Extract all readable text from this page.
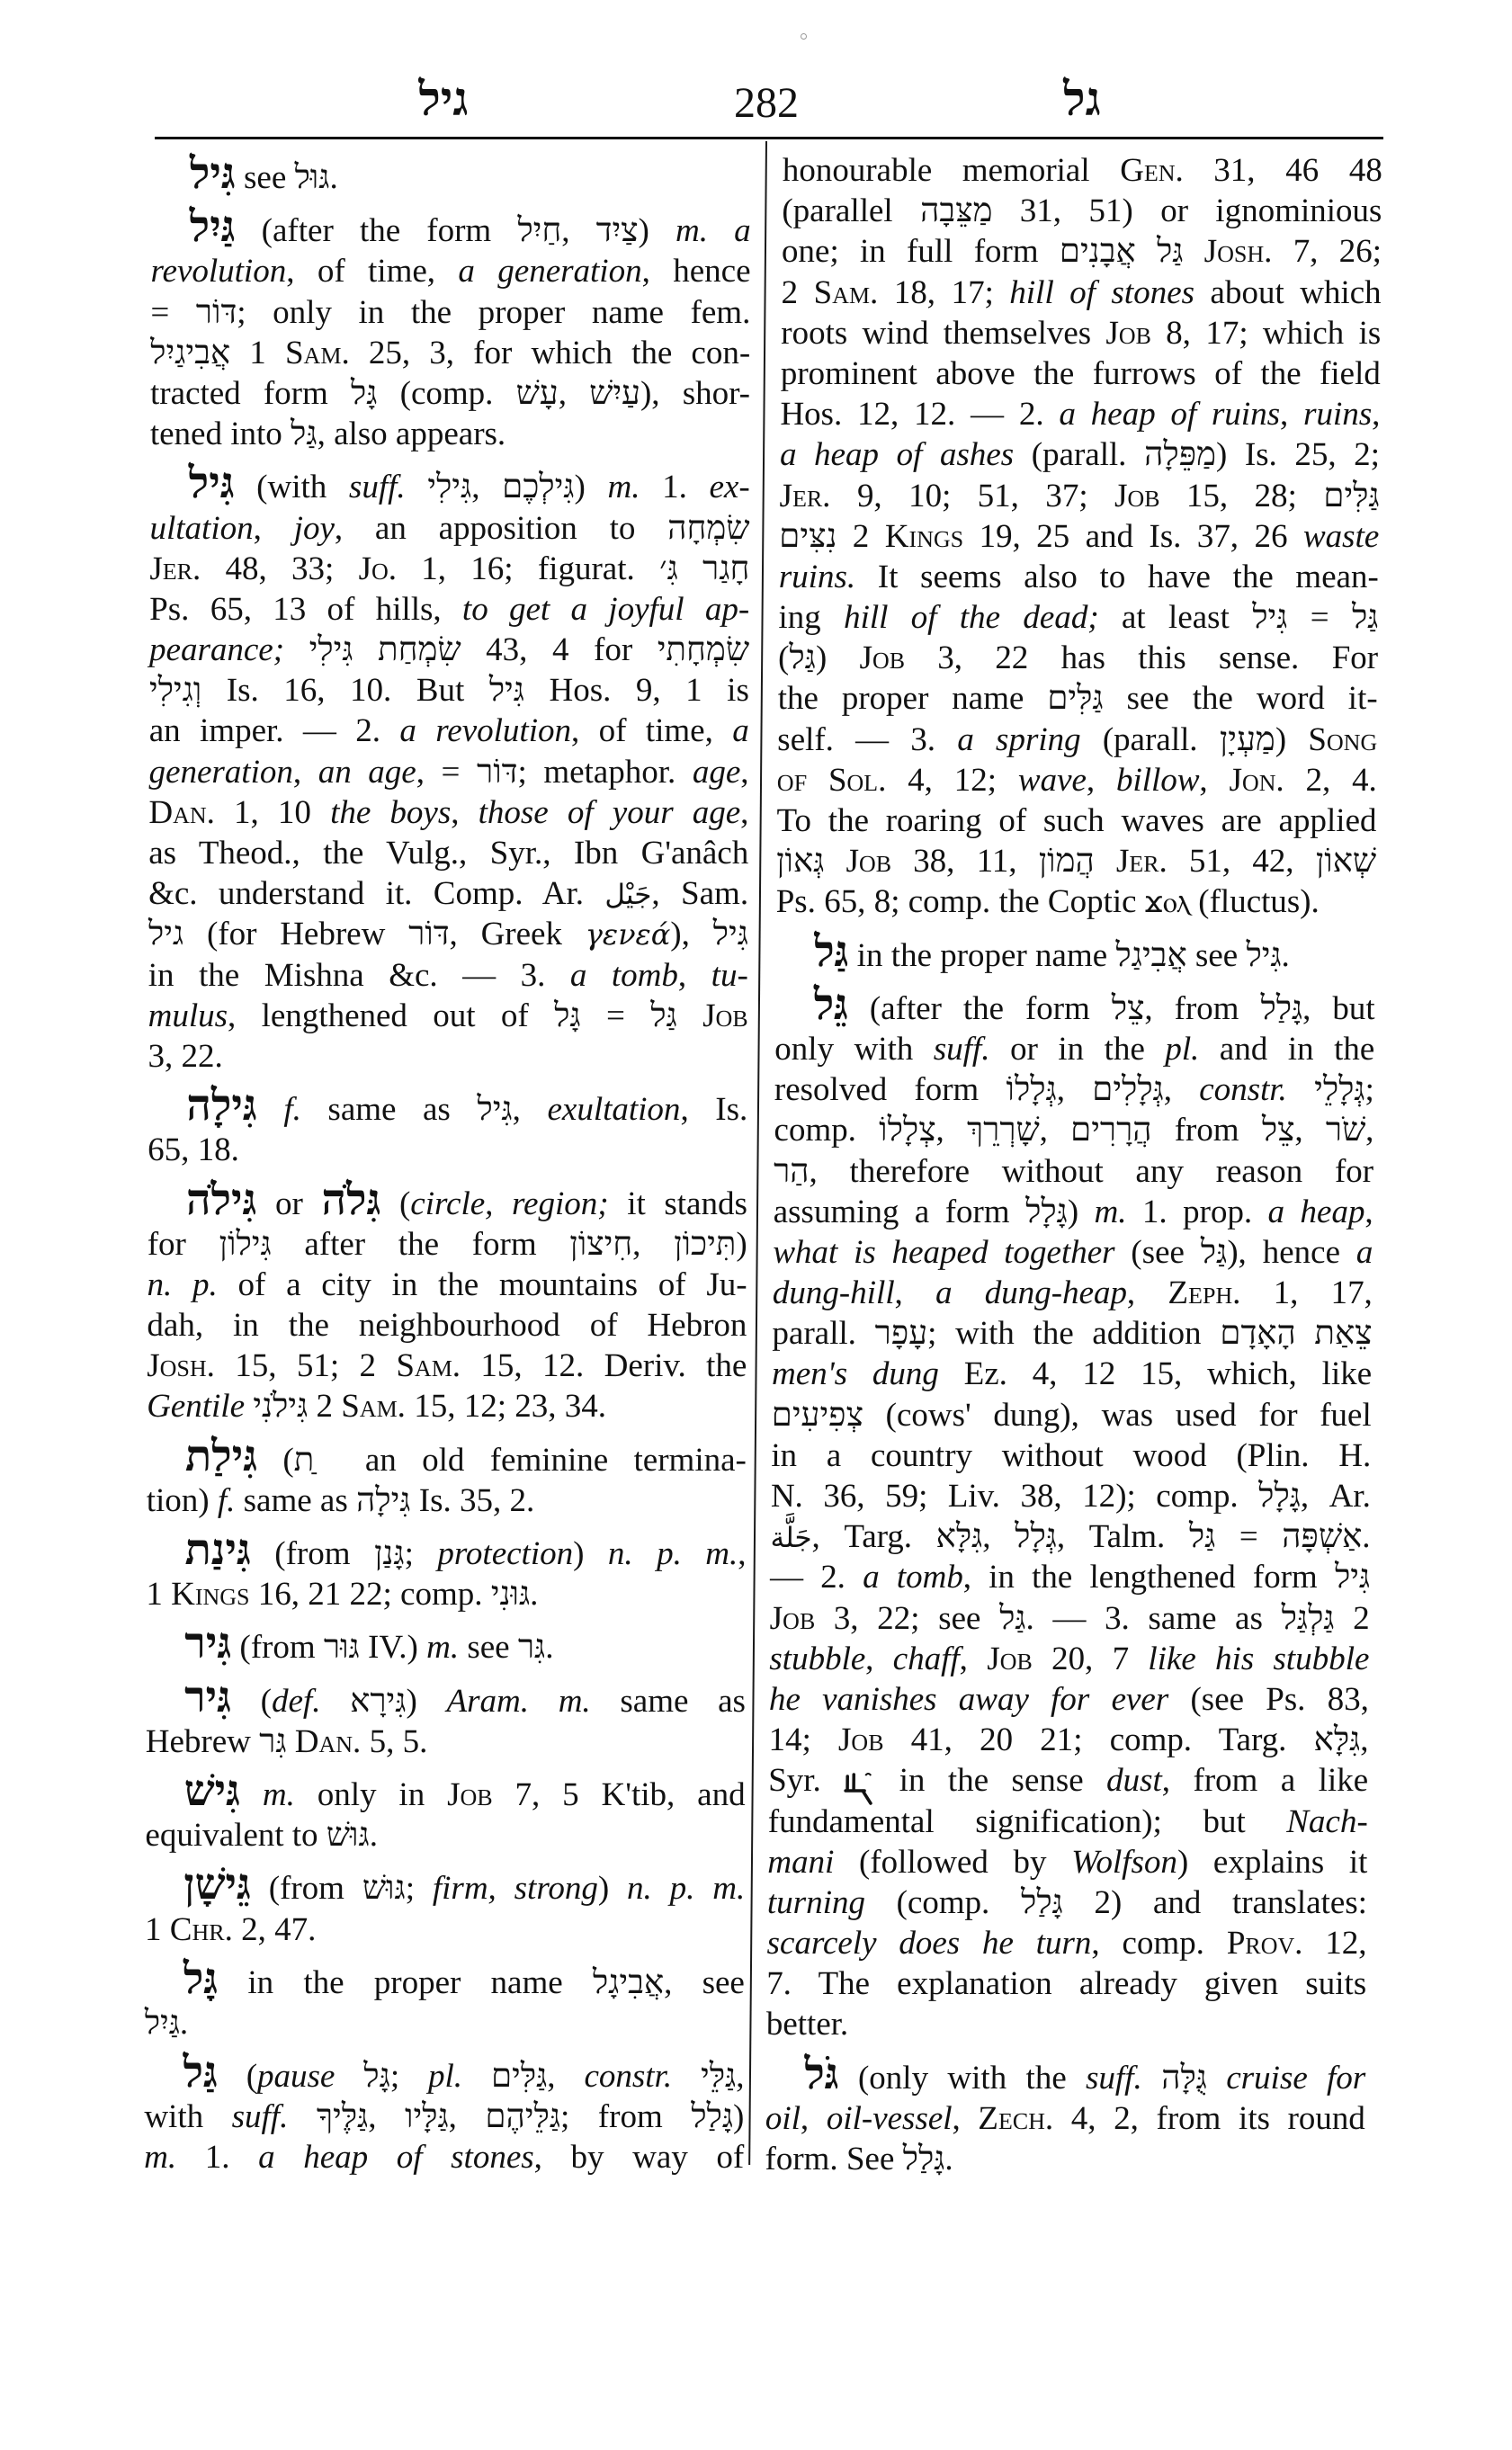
גיל	282	גל
גִּיל see גּוּל.
גַּיִל (after the form חַיִל, צַיִד) m. a
revolution, of time, a generation, hence
= דּוֹר; only in the proper name fem.
אֲבִיגַיִל 1 Sam. 25, 3, for which the con-
tracted form גָּל (comp. עָשׁ, עַיִשׁ), shor-
tened into גַּל, also appears.
גִּיל (with suff. גִּילִי, גִּילְכֶם) m. 1. ex-
ultation, joy, an apposition to שִׂמְחָה
Jer. 48, 33; Jo. 1, 16; figurat. חָגַר גִּ׳
Ps. 65, 13 of hills, to get a joyful ap-
pearance; שִׂמְחַת גִּילִי 43, 4 for שִׂמְחָתִי
וְגִילִי Is. 16, 10. But גִּיל Hos. 9, 1 is
an imper. — 2. a revolution, of time, a
generation, an age, = דּוֹר; metaphor. age,
Dan. 1, 10 the boys, those of your age,
as Theod., the Vulg., Syr., Ibn G'anâch
&c. understand it. Comp. Ar. جَيْل, Sam.
גיל (for Hebrew דּוֹר, Greek γενεά), גִּיל
in the Mishna &c. — 3. a tomb, tu-
mulus, lengthened out of גָּל = גַּל Job
3, 22.
גִּילָה f. same as גִּיל, exultation, Is.
65, 18.
גִּילֹה or גִּלֹה (circle, region; it stands
for גִּילוֹן after the form חִיצוֹן, תִּיכוֹן)
n. p. of a city in the mountains of Ju-
dah, in the neighbourhood of Hebron
Josh. 15, 51; 2 Sam. 15, 12. Deriv. the
Gentile גִּילֹנִי 2 Sam. 15, 12; 23, 34.
גִּילַת ( ַת an old feminine termina-
tion) f. same as גִּילָה Is. 35, 2.
גִּינַת (from גָּנַן; protection) n. p. m.,
1 Kings 16, 21 22; comp. גּוּנִי.
גִּיר (from גּוּר IV.) m. see גִּר.
גִּיר (def. גִּירָא) Aram. m. same as
Hebrew גִּר Dan. 5, 5.
גִּישׁ m. only in Job 7, 5 K'tib, and
equivalent to גּוּשׁ.
גֵּישָׁן (from גּוּשׁ; firm, strong) n. p. m.
1 Chr. 2, 47.
גָּל in the proper name אֲבִיגָל, see
גַּיִל.
גַּל (pause גָּל; pl. גַּלִּים, constr. גַּלֵּי,
with suff. גַּלֶּיךָ, גַּלָּיו, גַּלֵּיהֶם; from גָּלַל)
m. 1. a heap of stones, by way of
honourable memorial Gen. 31, 46 48
(parallel מַצֵּבָה 31, 51) or ignominious
one; in full form גַּל אֲבָנִים Josh. 7, 26;
2 Sam. 18, 17; hill of stones about which
roots wind themselves Job 8, 17; which is
prominent above the furrows of the field
Hos. 12, 12. — 2. a heap of ruins, ruins,
a heap of ashes (parall. מַפֵּלָה) Is. 25, 2;
Jer. 9, 10; 51, 37; Job 15, 28; גַּלִּים
נִצִּים 2 Kings 19, 25 and Is. 37, 26 waste
ruins. It seems also to have the mean-
ing hill of the dead; at least גִּיל = גַּל
(גַּל) Job 3, 22 has this sense. For
the proper name גַּלִּים see the word it-
self. — 3. a spring (parall. מַעְיָן) Song
of Sol. 4, 12; wave, billow, Jon. 2, 4.
To the roaring of such waves are applied
גְּאוֹן Job 38, 11, הֲמוֹן Jer. 51, 42, שְׁאוֹן
Ps. 65, 8; comp. the Coptic ϫⲟⲗ (fluctus).
גַּל in the proper name אֲבִיגַל see גִּיל.
גֵּל (after the form צֵל, from גָּלַל, but
only with suff. or in the pl. and in the
resolved form גְּלָלוֹ, גְּלָלִים, constr. גְּלָלֵי;
comp. צְלָלוֹ, שָׁרְרֵךְ, הֲרָרִים from צֵל, שֹׁר,
הַר, therefore without any reason for
assuming a form גָּלָל) m. 1. prop. a heap,
what is heaped together (see גַּל), hence a
dung-hill, a dung-heap, Zeph. 1, 17,
parall. עָפָר; with the addition צֵאַת הָאָדָם
men's dung Ez. 4, 12 15, which, like
צְפִיעִים (cows' dung), was used for fuel
in a country without wood (Plin. H.
N. 36, 59; Liv. 38, 12); comp. גָּלָל, Ar.
جَلَّة, Targ. גִּלָּא, גְּלָל, Talm. גַּל = אַשְׁפָּה.
— 2. a tomb, in the lengthened form גִּיל
Job 3, 22; see גַּל. — 3. same as גַּלְגַּל 2
stubble, chaff, Job 20, 7 like his stubble
he vanishes away for ever (see Ps. 83,
14; Job 41, 20 21; comp. Targ. גִּלָּא,
Syr.  in the sense dust, from a like
fundamental signification); but Nach-
mani (followed by Wolfson) explains it
turning (comp. גָּלַל 2) and translates:
scarcely does he turn, comp. Prov. 12,
7. The explanation already given suits
better.
גֹּל (only with the suff. גֻּלָּה cruise for
oil, oil-vessel, Zech. 4, 2, from its round
form. See גָּלַל.
